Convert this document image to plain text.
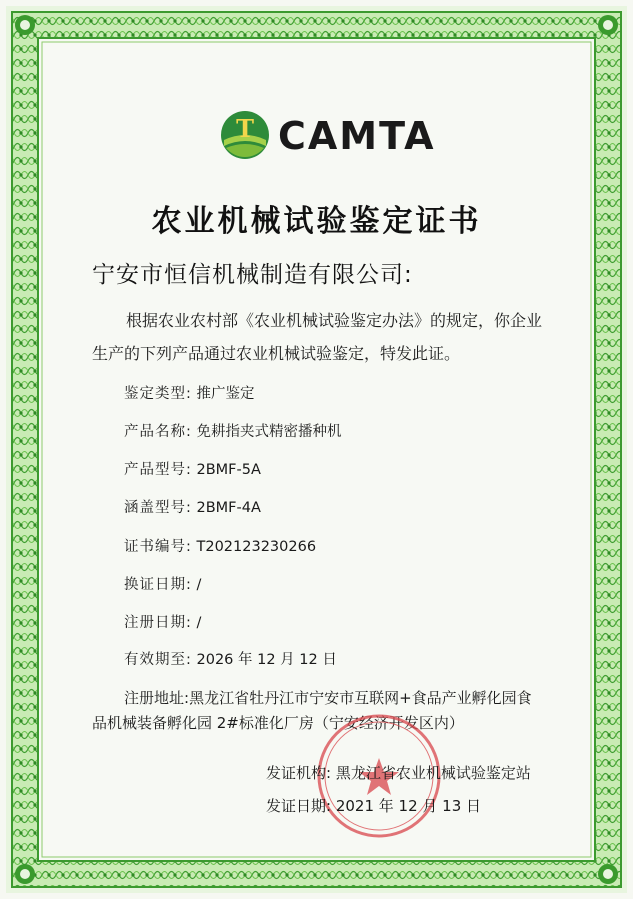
T CAMTA
农业机械试验鉴定证书
宁安市恒信机械制造有限公司:
根据农业农村部《农业机械试验鉴定办法》的规定，你企业生产的下列产品通过农业机械试验鉴定，特发此证。
鉴定类型: 推广鉴定
产品名称: 免耕指夹式精密播种机
产品型号: 2BMF-5A
涵盖型号: 2BMF-4A
证书编号: T202123230266
换证日期: /
注册日期: /
有效期至: 2026 年 12 月 12 日
注册地址:黑龙江省牡丹江市宁安市互联网+食品产业孵化园食
品机械装备孵化园 2#标准化厂房（宁安经济开发区内）
发证机构: 黑龙江省农业机械试验鉴定站
发证日期: 2021 年 12 月 13 日
